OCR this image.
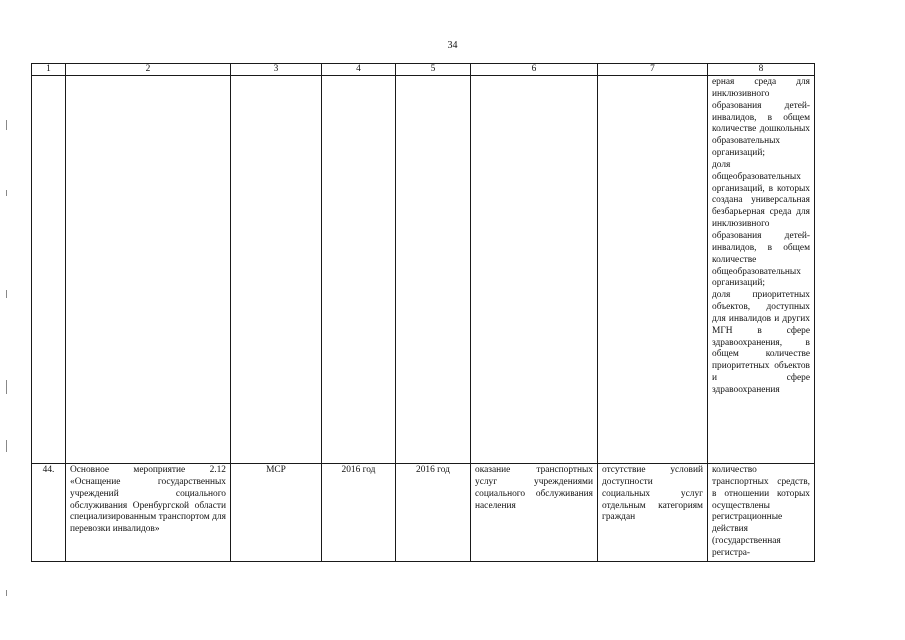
34
1	2	3	4	5	6	7	8
							ерная среда для инклюзивного образования детей-инвалидов, в общем количестве дошкольных образовательных организаций;
доля общеобразовательных организаций, в которых создана универсальная безбарьерная среда для инклюзивного образования детей-инвалидов, в общем количестве общеобразовательных организаций;
доля приоритетных объектов, доступных для инвалидов и других МГН в сфере здравоохранения, в общем количестве приоритетных объектов и сфере здравоохранения
44.	Основное мероприятие 2.12 «Оснащение государственных учреждений социального обслуживания Оренбургской области специализированным транспортом для перевозки инвалидов»	МСР	2016 год	2016 год	оказание транспортных услуг учреждениями социального обслуживания населения	отсутствие условий доступности социальных услуг отдельным категориям граждан	количество транспортных средств, в отношении которых осуществлены регистрационные действия (государственная регистра-
